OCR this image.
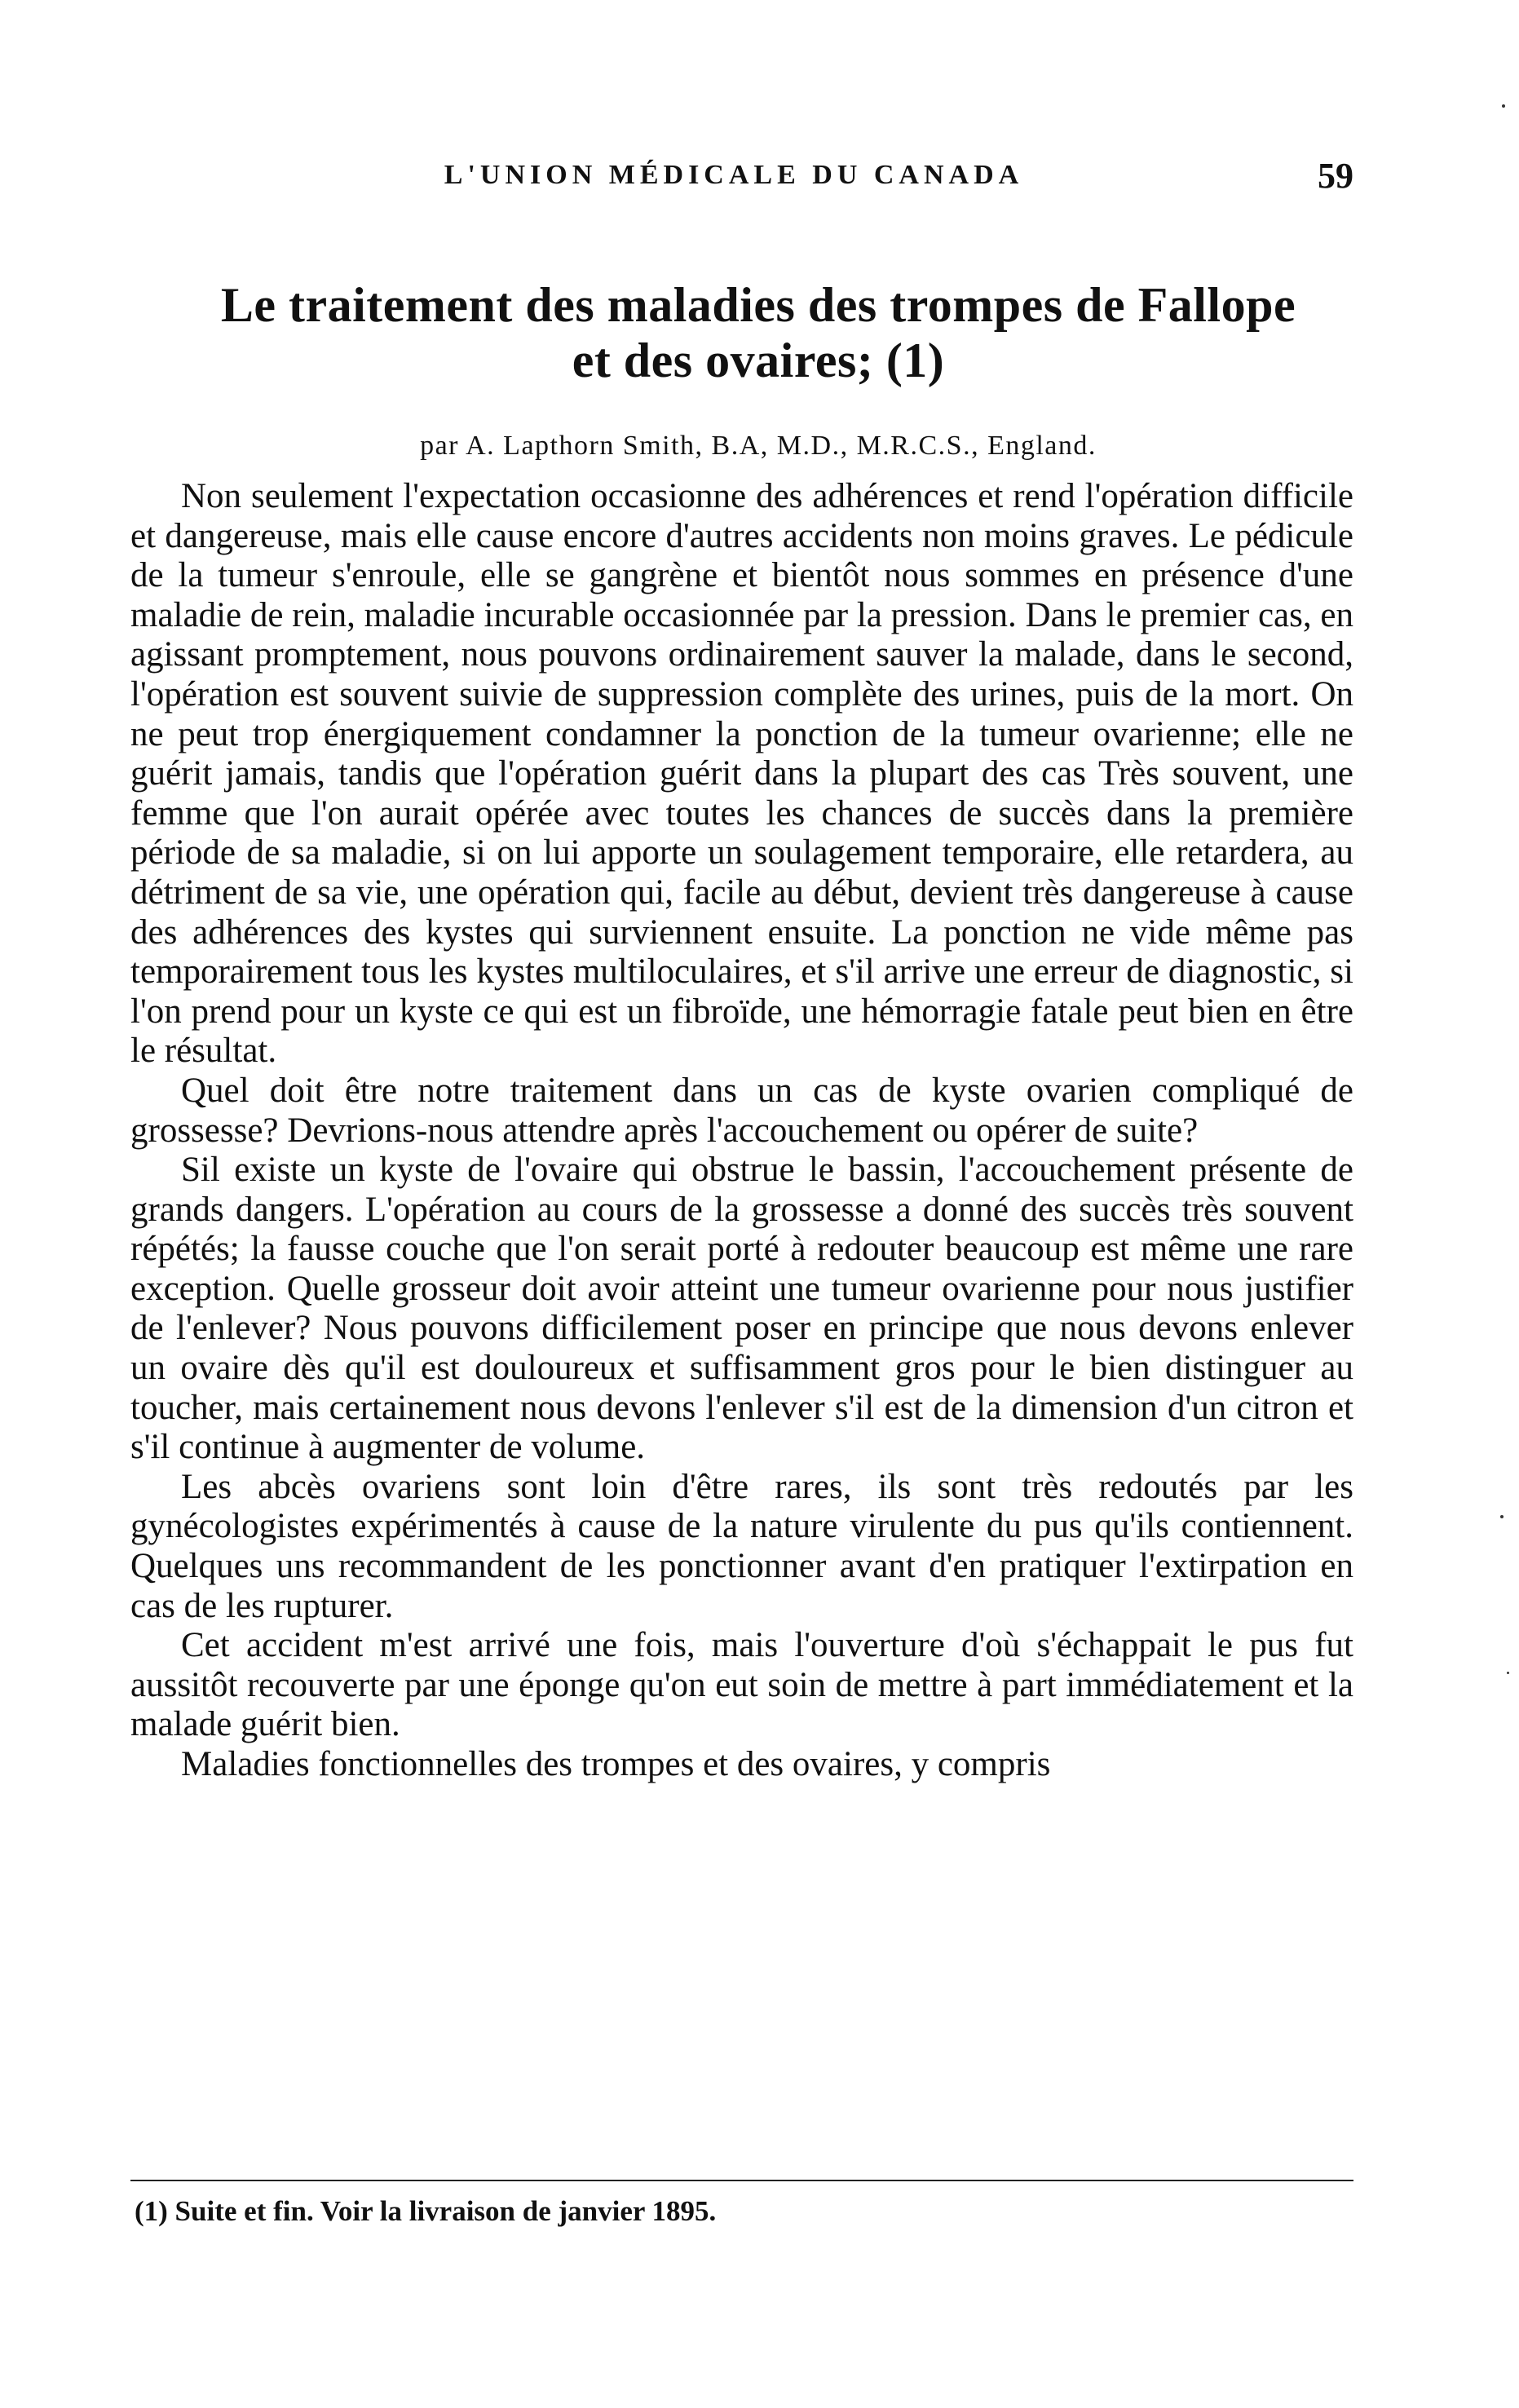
L'UNION MÉDICALE DU CANADA	59
Le traitement des maladies des trompes de Fallope
et des ovaires; (1)
par A. Lapthorn Smith, B.A, M.D., M.R.C.S., England.

Non seulement l'expectation occasionne des adhérences et rend l'opération difficile et dangereuse, mais elle cause encore d'autres accidents non moins graves. Le pédicule de la tumeur s'enroule, elle se gangrène et bientôt nous sommes en présence d'une maladie de rein, maladie incurable occasionnée par la pression. Dans le premier cas, en agissant promptement, nous pouvons ordinairement sauver la malade, dans le second, l'opération est souvent suivie de suppression complète des urines, puis de la mort. On ne peut trop énergiquement condamner la ponction de la tumeur ovarienne; elle ne guérit jamais, tandis que l'opération guérit dans la plupart des cas Très souvent, une femme que l'on aurait opérée avec toutes les chances de succès dans la première période de sa maladie, si on lui apporte un soulagement temporaire, elle retardera, au détriment de sa vie, une opération qui, facile au début, devient très dangereuse à cause des adhérences des kystes qui surviennent ensuite. La ponction ne vide même pas temporairement tous les kystes multiloculaires, et s'il arrive une erreur de diagnostic, si l'on prend pour un kyste ce qui est un fibroïde, une hémorragie fatale peut bien en être le résultat.

Quel doit être notre traitement dans un cas de kyste ovarien compliqué de grossesse? Devrions-nous attendre après l'accouchement ou opérer de suite?

Sil existe un kyste de l'ovaire qui obstrue le bassin, l'accouchement présente de grands dangers. L'opération au cours de la grossesse a donné des succès très souvent répétés; la fausse couche que l'on serait porté à redouter beaucoup est même une rare exception. Quelle grosseur doit avoir atteint une tumeur ovarienne pour nous justifier de l'enlever? Nous pouvons difficilement poser en principe que nous devons enlever un ovaire dès qu'il est douloureux et suffisamment gros pour le bien distinguer au toucher, mais certainement nous devons l'enlever s'il est de la dimension d'un citron et s'il continue à augmenter de volume.

Les abcès ovariens sont loin d'être rares, ils sont très redoutés par les gynécologistes expérimentés à cause de la nature virulente du pus qu'ils contiennent. Quelques uns recommandent de les ponctionner avant d'en pratiquer l'extirpation en cas de les rupturer.

Cet accident m'est arrivé une fois, mais l'ouverture d'où s'échappait le pus fut aussitôt recouverte par une éponge qu'on eut soin de mettre à part immédiatement et la malade guérit bien.

Maladies fonctionnelles des trompes et des ovaires, y compris

(1) Suite et fin. Voir la livraison de janvier 1895.
